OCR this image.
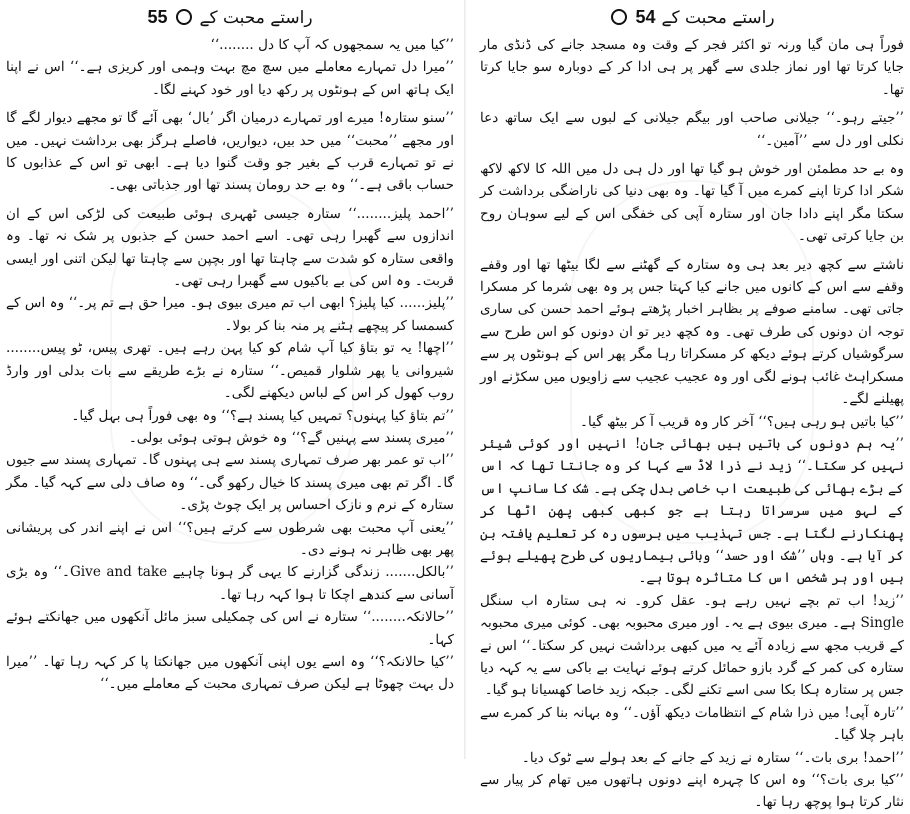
راستے محبت کے
54

فوراً ہی مان گیا ورنہ تو اکثر فجر کے وقت وہ مسجد جانے کی ڈنڈی مار جایا کرتا تھا اور نماز جلدی سے گھر پر ہی ادا کر کے دوبارہ سو جایا کرتا تھا۔

’’جیتے رہو۔‘‘ جیلانی صاحب اور بیگم جیلانی کے لبوں سے ایک ساتھ دعا نکلی اور دل سے ’’آمین۔‘‘

وہ بے حد مطمئن اور خوش ہو گیا تھا اور دل ہی دل میں اللہ کا لاکھ لاکھ شکر ادا کرتا اپنے کمرے میں آ گیا تھا۔ وہ بھی دنیا کی ناراضگی برداشت کر سکتا مگر اپنے دادا جان اور ستارہ آپی کی خفگی اس کے لیے سوہان روح بن جایا کرتی تھی۔

ناشتے سے کچھ دیر بعد ہی وہ ستارہ کے گھٹنے سے لگا بیٹھا تھا اور وقفے وقفے سے اس کے کانوں میں جانے کیا کہتا جس پر وہ بھی شرما کر مسکرا جاتی تھی۔ سامنے صوفے پر بظاہر اخبار پڑھتے ہوئے احمد حسن کی ساری توجہ ان دونوں کی طرف تھی۔ وہ کچھ دیر تو ان دونوں کو اس طرح سے سرگوشیاں کرتے ہوئے دیکھ کر مسکراتا رہا مگر پھر اس کے ہونٹوں پر سے مسکراہٹ غائب ہونے لگی اور وہ عجیب عجیب سے زاویوں میں سکڑنے اور پھیلنے لگے۔

’’کیا باتیں ہو رہی ہیں؟‘‘ آخر کار وہ قریب آ کر بیٹھ گیا۔

’’یہ ہم دونوں کی باتیں ہیں بھائی جان! انہیں اور کوئی شیئر نہیں کر سکتا۔‘‘ زید نے ذرا لاڈ سے کہا کر وہ جانتا تھا کہ اس کے بڑے بھائی کی طبیعت اب خاصی بدل چکی ہے۔ شک کا سانپ اس کے لہو میں سرسراتا رہتا ہے جو کبھی کبھی پھن اٹھا کر پھنکارنے لگتا ہے۔ جس تہذیب میں برسوں رہ کر تعلیم یافتہ بن کر آیا ہے۔ وہاں ’’شک اور حسد‘‘ وبائی بیماریوں کی طرح پھیلے ہوئے ہیں اور ہر شخص اس کا متاثرہ ہوتا ہے۔

’’زید! اب تم بچے نہیں رہے ہو۔ عقل کرو۔ نہ ہی ستارہ اب سنگل Single ہے۔ میری بیوی ہے یہ۔ اور میری محبوبہ بھی۔ کوئی میری محبوبہ کے قریب مجھ سے زیادہ آئے یہ میں کبھی برداشت نہیں کر سکتا۔‘‘ اس نے ستارہ کی کمر کے گرد بازو حمائل کرتے ہوئے نہایت بے باکی سے یہ کہہ دیا جس پر ستارہ ہکا بکا سی اسے تکنے لگی۔ جبکہ زید خاصا کھسیانا ہو گیا۔

’’تارہ آپی! میں ذرا شام کے انتظامات دیکھ آؤں۔‘‘ وہ بہانہ بنا کر کمرے سے باہر چلا گیا۔

’’احمد! بری بات۔‘‘ ستارہ نے زید کے جانے کے بعد ہولے سے ٹوک دیا۔

’’کیا بری بات؟‘‘ وہ اس کا چہرہ اپنے دونوں ہاتھوں میں تھام کر پیار سے نثار کرتا ہوا پوچھ رہا تھا۔

راستے محبت کے
55

’’کیا میں یہ سمجھوں کہ آپ کا دل ........‘‘

’’میرا دل تمہارے معاملے میں سچ مچ بہت وہمی اور کریزی ہے۔‘‘ اس نے اپنا ایک ہاتھ اس کے ہونٹوں پر رکھ دیا اور خود کہنے لگا۔

’’سنو ستارہ! میرے اور تمہارے درمیان اگر ’بال‘ بھی آئے گا تو مجھے دیوار لگے گا اور مجھے ’’محبت‘‘ میں حد بیں، دیواریں، فاصلے ہرگز بھی برداشت نہیں۔ میں نے تو تمہارے قرب کے بغیر جو وقت گنوا دیا ہے۔ ابھی تو اس کے عذابوں کا حساب باقی ہے۔‘‘ وہ بے حد رومان پسند تھا اور جذباتی بھی۔

’’احمد پلیز........‘‘ ستارہ جیسی ٹھہری ہوئی طبیعت کی لڑکی اس کے ان اندازوں سے گھبرا رہی تھی۔ اسے احمد حسن کے جذبوں پر شک نہ تھا۔ وہ واقعی ستارہ کو شدت سے چاہتا تھا اور بچپن سے چاہتا تھا لیکن اتنی اور ایسی قربت۔ وہ اس کی بے باکیوں سے گھبرا رہی تھی۔

’’پلیز...... کیا پلیز؟ ابھی اب تم میری بیوی ہو۔ میرا حق ہے تم پر۔‘‘ وہ اس کے کسمسا کر پیچھے ہٹنے پر منہ بنا کر بولا۔

’’اچھا! یہ تو بتاؤ کیا آپ شام کو کیا پہن رہے ہیں۔ تھری پیس، ٹو پیس........ شیروانی یا پھر شلوار قمیص۔‘‘ ستارہ نے بڑے طریقے سے بات بدلی اور وارڈ روب کھول کر اس کے لباس دیکھنے لگی۔

’’تم بتاؤ کیا پہنوں؟ تمہیں کیا پسند ہے؟‘‘ وہ بھی فوراً ہی بہل گیا۔

’’میری پسند سے پہنیں گے؟‘‘ وہ خوش ہوتی ہوئی بولی۔

’’اب تو عمر بھر صرف تمہاری پسند سے ہی پہنوں گا۔ تمہاری پسند سے جیوں گا۔ اگر تم بھی میری پسند کا خیال رکھو گی۔‘‘ وہ صاف دلی سے کہہ گیا۔ مگر ستارہ کے نرم و نازک احساس پر ایک چوٹ پڑی۔

’’یعنی آپ محبت بھی شرطوں سے کرتے ہیں؟‘‘ اس نے اپنے اندر کی پریشانی پھر بھی ظاہر نہ ہونے دی۔

’’بالکل....... زندگی گزارنے کا یہی گر ہونا چاہیے Give and take۔‘‘ وہ بڑی آسانی سے کندھے اچکا تا ہوا کہہ رہا تھا۔

’’حالانکہ........‘‘ ستارہ نے اس کی چمکیلی سبز مائل آنکھوں میں جھانکتے ہوئے کہا۔

’’کیا حالانکہ؟‘‘ وہ اسے یوں اپنی آنکھوں میں جھانکتا پا کر کہہ رہا تھا۔ ’’میرا دل بہت چھوٹا ہے لیکن صرف تمہاری محبت کے معاملے میں۔‘‘
